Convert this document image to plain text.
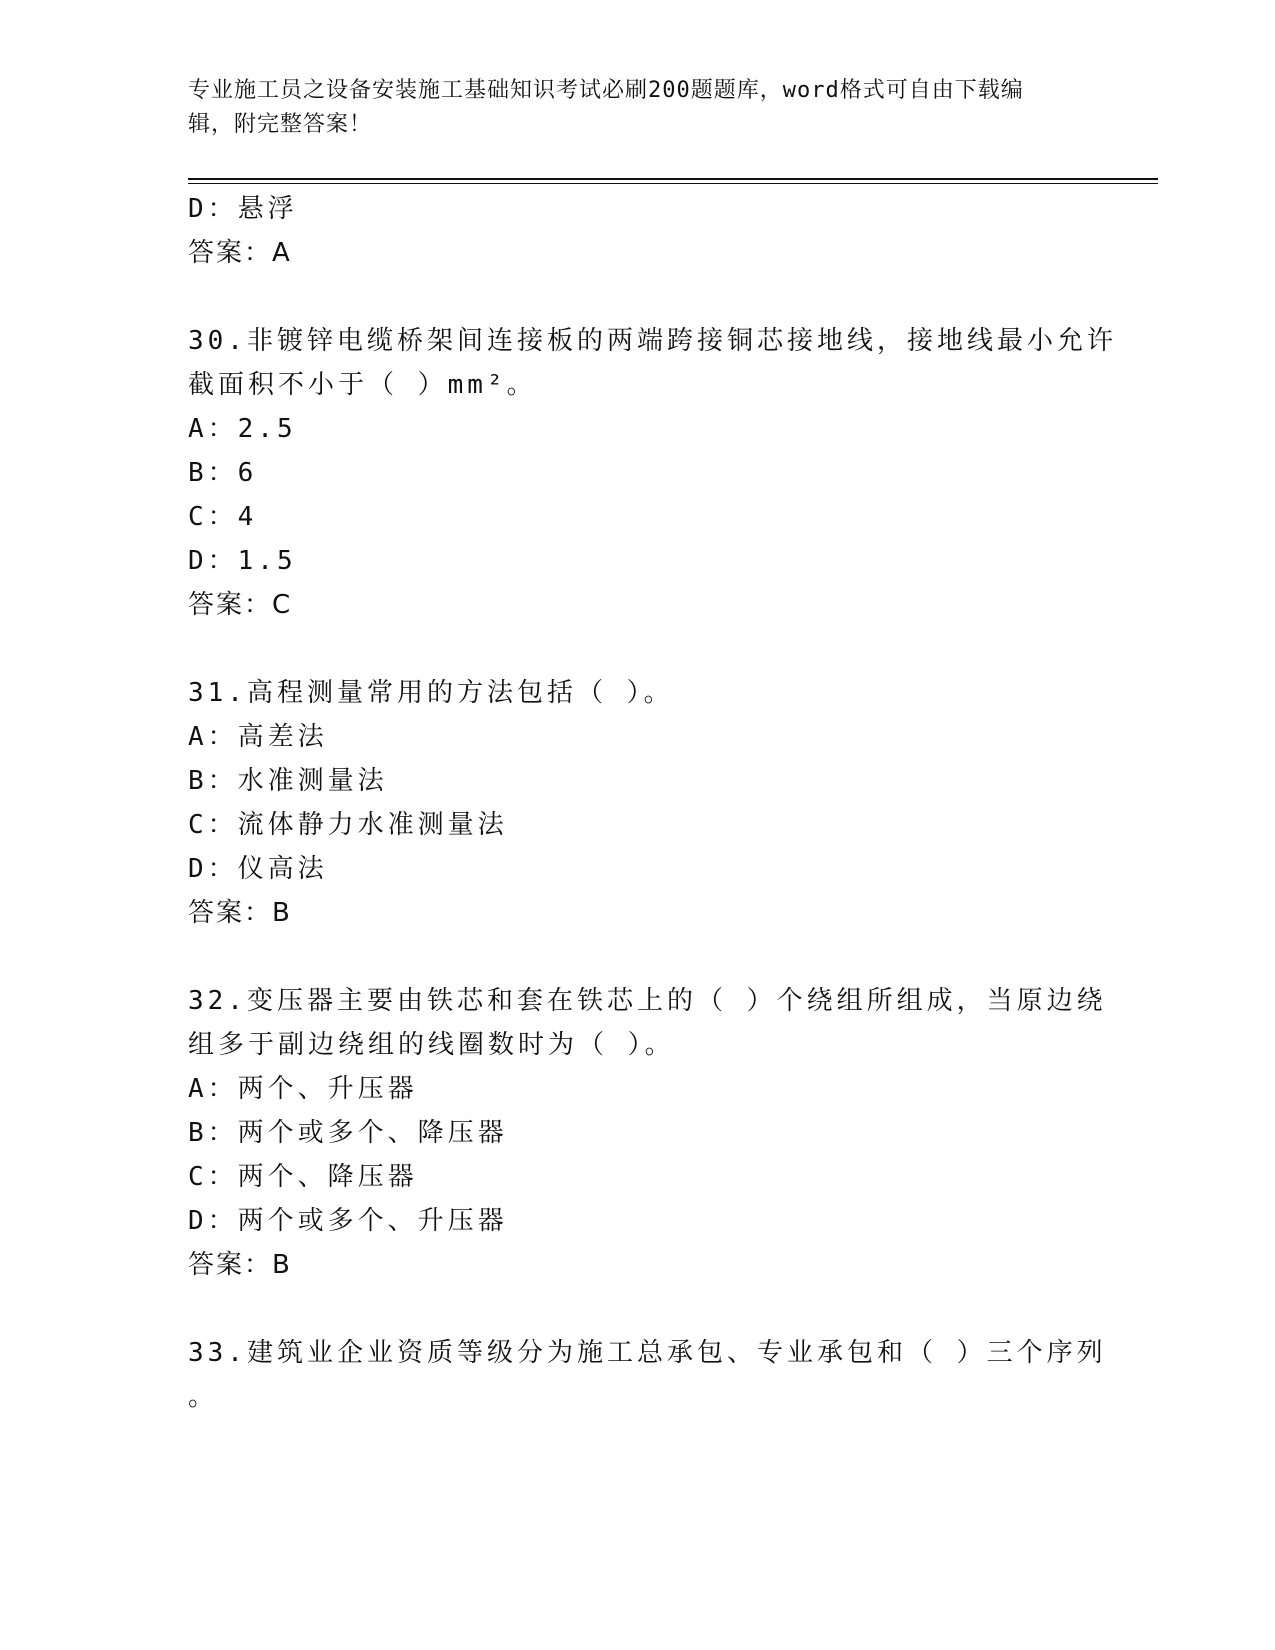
专业施工员之设备安装施工基础知识考试必刷200题题库，word格式可自由下载编辑，附完整答案！
D：悬浮
答案：A
30.非镀锌电缆桥架间连接板的两端跨接铜芯接地线，接地线最小允许
截面积不小于（ ）mm²。
A：2.5
B：6
C：4
D：1.5
答案：C
31.高程测量常用的方法包括（ ）。
A：高差法
B：水准测量法
C：流体静力水准测量法
D：仪高法
答案：B
32.变压器主要由铁芯和套在铁芯上的（ ）个绕组所组成，当原边绕
组多于副边绕组的线圈数时为（ ）。
A：两个、升压器
B：两个或多个、降压器
C：两个、降压器
D：两个或多个、升压器
答案：B
33.建筑业企业资质等级分为施工总承包、专业承包和（ ）三个序列
。
